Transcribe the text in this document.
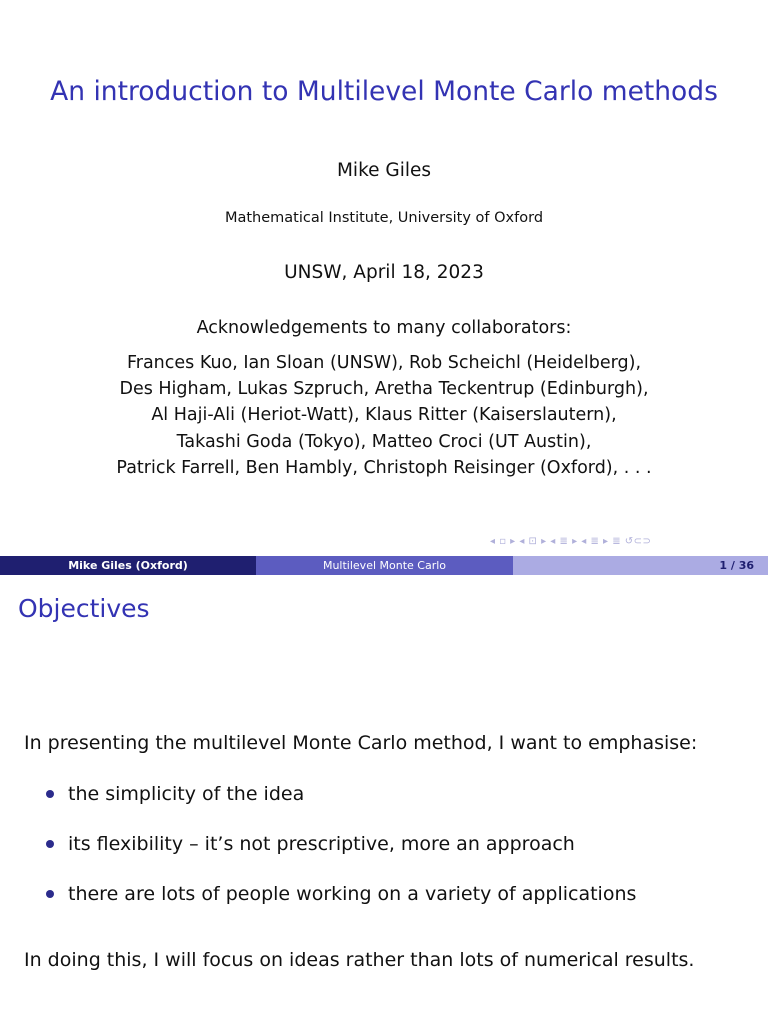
An introduction to Multilevel Monte Carlo methods
Mike Giles
Mathematical Institute, University of Oxford
UNSW, April 18, 2023
Acknowledgements to many collaborators:
Frances Kuo, Ian Sloan (UNSW), Rob Scheichl (Heidelberg),
Des Higham, Lukas Szpruch, Aretha Teckentrup (Edinburgh),
Al Haji-Ali (Heriot-Watt), Klaus Ritter (Kaiserslautern),
Takashi Goda (Tokyo), Matteo Croci (UT Austin),
Patrick Farrell, Ben Hambly, Christoph Reisinger (Oxford), . . .
◂ ▫ ▸ ◂ ⊡ ▸ ◂ ≣ ▸ ◂ ≣ ▸ ≣ ↺⊂⊃
Mike Giles (Oxford)	Multilevel Monte Carlo	1 / 36
Objectives
In presenting the multilevel Monte Carlo method, I want to emphasise:
the simplicity of the idea
its flexibility – it’s not prescriptive, more an approach
there are lots of people working on a variety of applications
In doing this, I will focus on ideas rather than lots of numerical results.
